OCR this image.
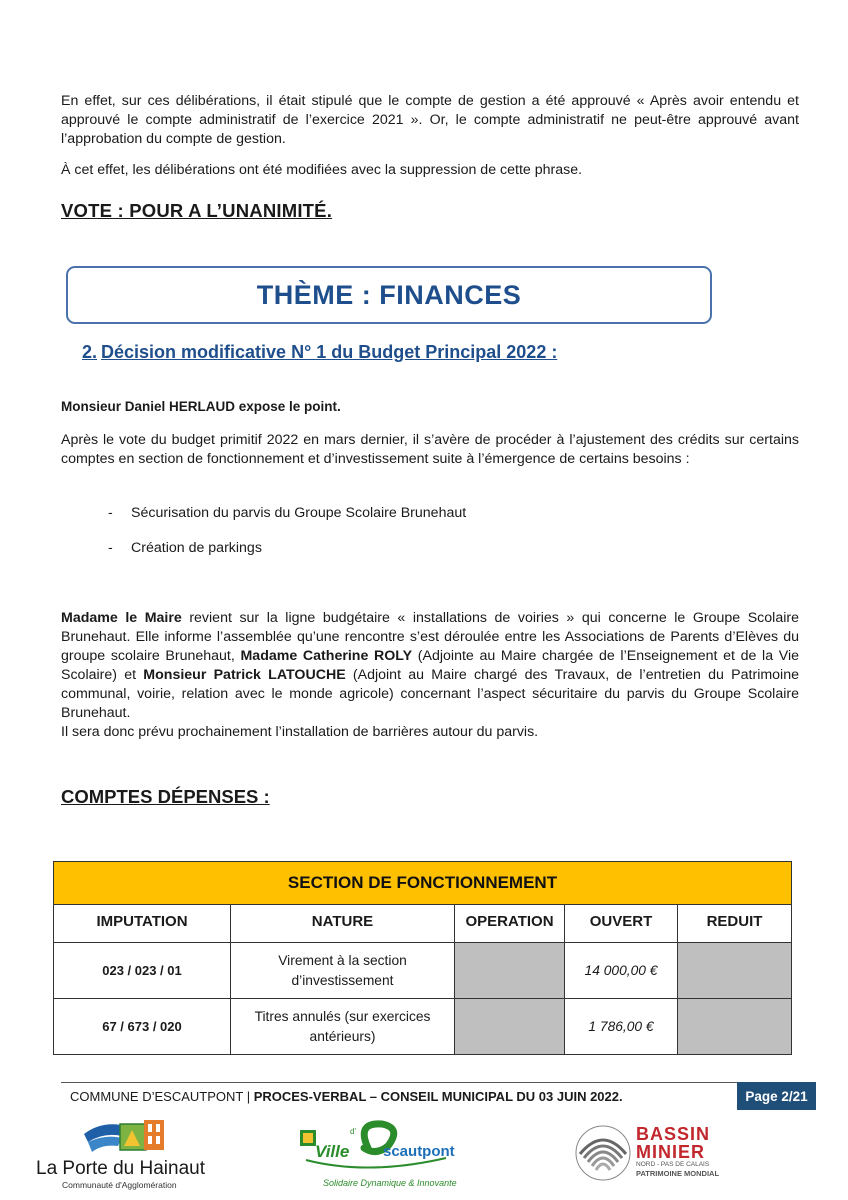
En effet, sur ces délibérations, il était stipulé que le compte de gestion a été approuvé « Après avoir entendu et approuvé le compte administratif de l’exercice 2021 ». Or, le compte administratif ne peut-être approuvé avant l’approbation du compte de gestion.

À cet effet, les délibérations ont été modifiées avec la suppression de cette phrase.

VOTE : POUR A L’UNANIMITÉ.
THÈME : FINANCES
2. Décision modificative N° 1 du Budget Principal 2022 :
Monsieur Daniel HERLAUD expose le point.

Après le vote du budget primitif 2022 en mars dernier, il s’avère de procéder à l’ajustement des crédits sur certains comptes en section de fonctionnement et d’investissement suite à l’émergence de certains besoins :

- Sécurisation du parvis du Groupe Scolaire Brunehaut
- Création de parkings

Madame le Maire revient sur la ligne budgétaire « installations de voiries » qui concerne le Groupe Scolaire Brunehaut. Elle informe l’assemblée qu’une rencontre s’est déroulée entre les Associations de Parents d’Elèves du groupe scolaire Brunehaut, Madame Catherine ROLY (Adjointe au Maire chargée de l’Enseignement et de la Vie Scolaire) et Monsieur Patrick LATOUCHE (Adjoint au Maire chargé des Travaux, de l’entretien du Patrimoine communal, voirie, relation avec le monde agricole) concernant l’aspect sécuritaire du parvis du Groupe Scolaire Brunehaut.
Il sera donc prévu prochainement l’installation de barrières autour du parvis.

COMPTES DÉPENSES :
SECTION DE FONCTIONNEMENT				
IMPUTATION	NATURE	OPERATION	OUVERT	REDUIT
023 / 023 / 01	Virement à la section d’investissement		14 000,00 €	
67 / 673 / 020	Titres annulés (sur exercices antérieurs)		1 786,00 €	
COMMUNE D’ESCAUTPONT | PROCES-VERBAL – CONSEIL MUNICIPAL DU 03 JUIN 2022.	Page 2/21
La Porte du Hainaut
Communauté d'Agglomération
Ville
d'
scautpont
Solidaire Dynamique & Innovante
BASSIN
MINIER
NORD - PAS DE CALAIS
PATRIMOINE MONDIAL
